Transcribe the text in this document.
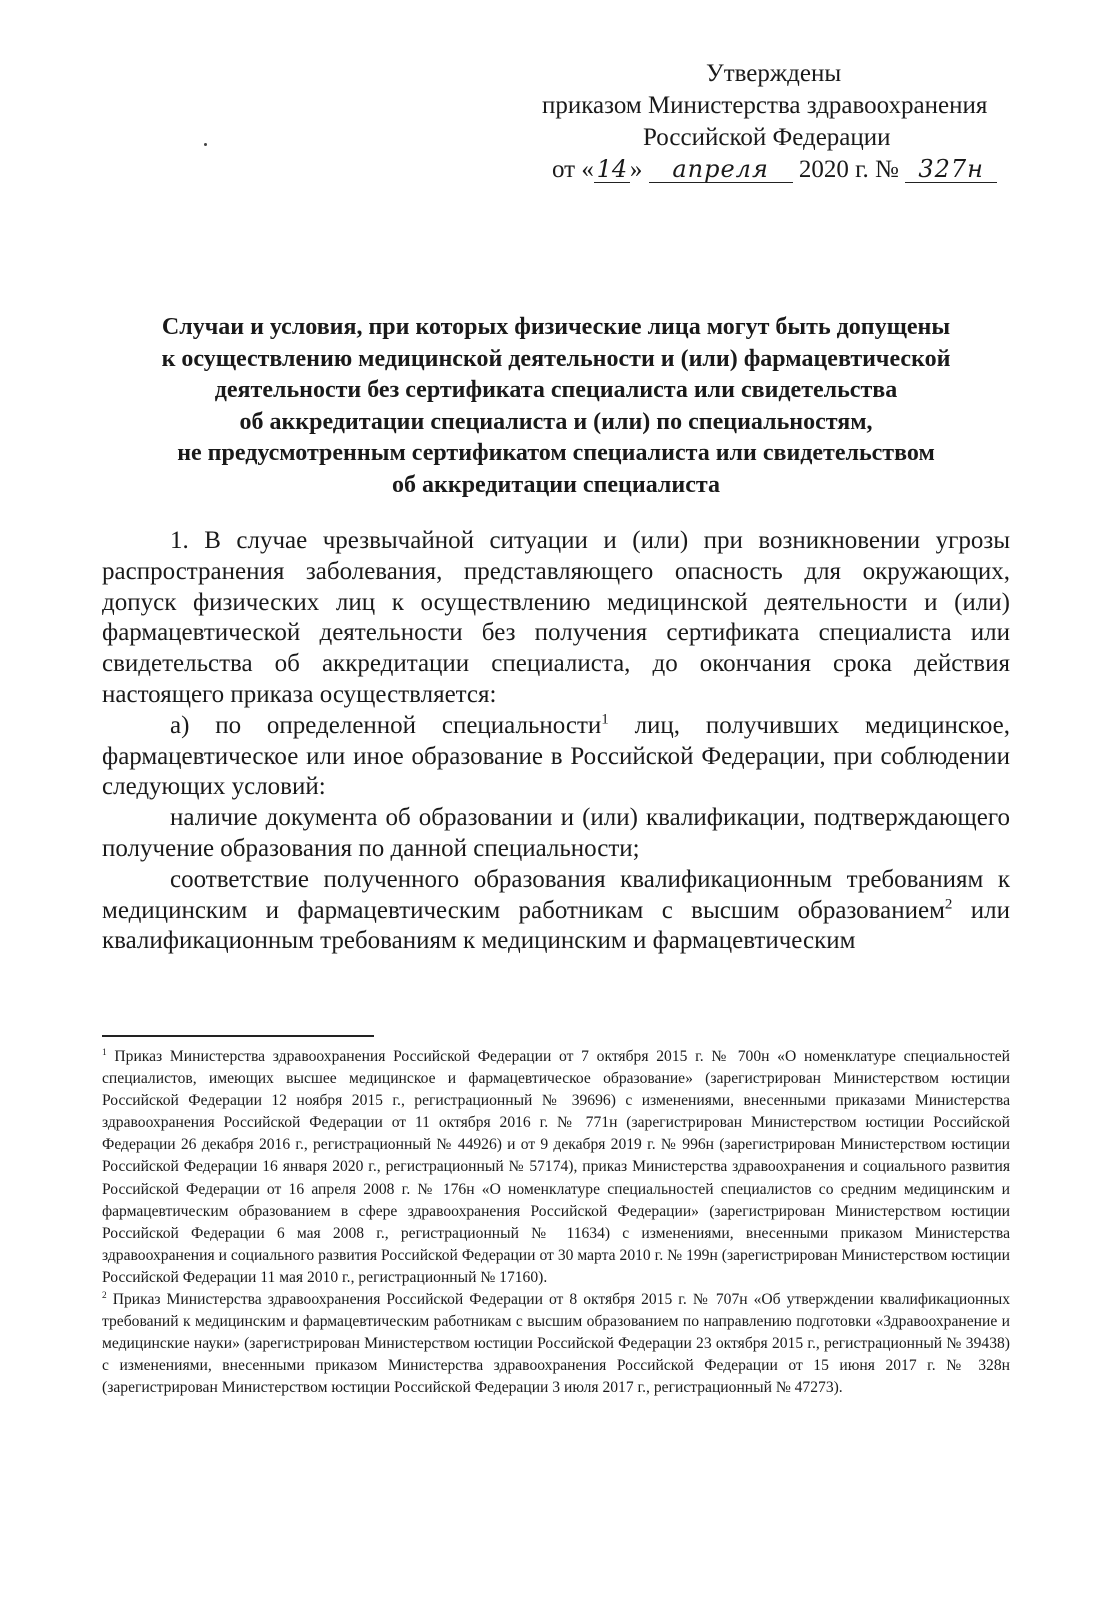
Утверждены
приказом Министерства здравоохранения
Российской Федерации
от « 14 » апреля 2020 г. № 327н
Случаи и условия, при которых физические лица могут быть допущены
к осуществлению медицинской деятельности и (или) фармацевтической
деятельности без сертификата специалиста или свидетельства
об аккредитации специалиста и (или) по специальностям,
не предусмотренным сертификатом специалиста или свидетельством
об аккредитации специалиста

1. В случае чрезвычайной ситуации и (или) при возникновении угрозы распространения заболевания, представляющего опасность для окружающих, допуск физических лиц к осуществлению медицинской деятельности и (или) фармацевтической деятельности без получения сертификата специалиста или свидетельства об аккредитации специалиста, до окончания срока действия настоящего приказа осуществляется:

а) по определенной специальности$^1$ лиц, получивших медицинское, фармацевтическое или иное образование в Российской Федерации, при соблюдении следующих условий:

наличие документа об образовании и (или) квалификации, подтверждающего получение образования по данной специальности;

соответствие полученного образования квалификационным требованиям к медицинским и фармацевтическим работникам с высшим образованием$^2$ или квалификационным требованиям к медицинским и фармацевтическим

$^1$ Приказ Министерства здравоохранения Российской Федерации от 7 октября 2015 г. № 700н «О номенклатуре специальностей специалистов, имеющих высшее медицинское и фармацевтическое образование» (зарегистрирован Министерством юстиции Российской Федерации 12 ноября 2015 г., регистрационный № 39696) с изменениями, внесенными приказами Министерства здравоохранения Российской Федерации от 11 октября 2016 г. № 771н (зарегистрирован Министерством юстиции Российской Федерации 26 декабря 2016 г., регистрационный № 44926) и от 9 декабря 2019 г. № 996н (зарегистрирован Министерством юстиции Российской Федерации 16 января 2020 г., регистрационный № 57174), приказ Министерства здравоохранения и социального развития Российской Федерации от 16 апреля 2008 г. № 176н «О номенклатуре специальностей специалистов со средним медицинским и фармацевтическим образованием в сфере здравоохранения Российской Федерации» (зарегистрирован Министерством юстиции Российской Федерации 6 мая 2008 г., регистрационный № 11634) с изменениями, внесенными приказом Министерства здравоохранения и социального развития Российской Федерации от 30 марта 2010 г. № 199н (зарегистрирован Министерством юстиции Российской Федерации 11 мая 2010 г., регистрационный № 17160).

$^2$ Приказ Министерства здравоохранения Российской Федерации от 8 октября 2015 г. № 707н «Об утверждении квалификационных требований к медицинским и фармацевтическим работникам с высшим образованием по направлению подготовки «Здравоохранение и медицинские науки» (зарегистрирован Министерством юстиции Российской Федерации 23 октября 2015 г., регистрационный № 39438) с изменениями, внесенными приказом Министерства здравоохранения Российской Федерации от 15 июня 2017 г. № 328н (зарегистрирован Министерством юстиции Российской Федерации 3 июля 2017 г., регистрационный № 47273).
